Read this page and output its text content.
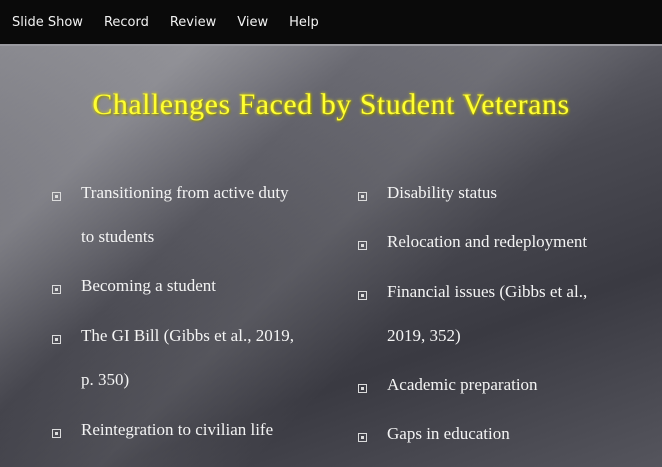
Slide Show	Record	Review	View	Help
Challenges Faced by Student Veterans
Transitioning from active duty
to students
Becoming a student
The GI Bill (Gibbs et al., 2019,
p. 350)
Reintegration to civilian life
Disability status
Relocation and redeployment
Financial issues (Gibbs et al.,
2019, 352)
Academic preparation
Gaps in education
